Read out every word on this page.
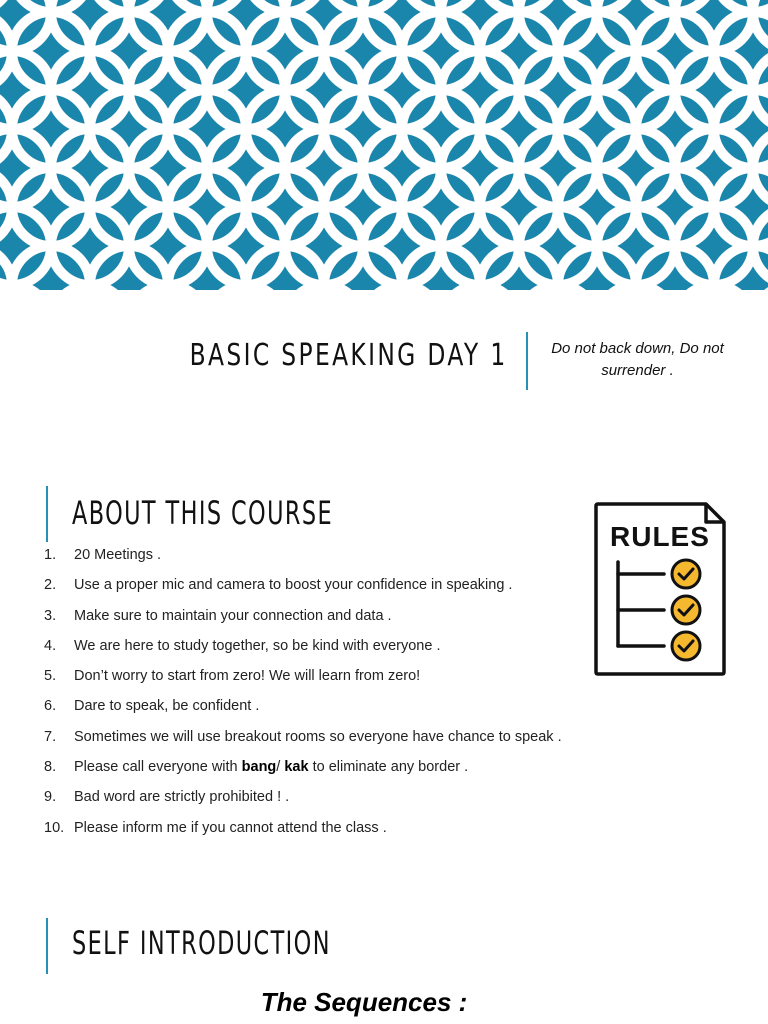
BASIC SPEAKING DAY 1	Do not back down, Do not surrender .
ABOUT THIS COURSE
1. 20 Meetings .
2. Use a proper mic and camera to boost your confidence in speaking .
3. Make sure to maintain your connection and data .
4. We are here to study together, so be kind with everyone .
5. Don’t worry to start from zero! We will learn from zero!
6. Dare to speak, be confident .
7. Sometimes we will use breakout rooms so everyone have chance to speak .
8. Please call everyone with bang/ kak to eliminate any border .
9. Bad word are strictly prohibited ! .
10. Please inform me if you cannot attend the class .
RULES
SELF INTRODUCTION
The Sequences :
